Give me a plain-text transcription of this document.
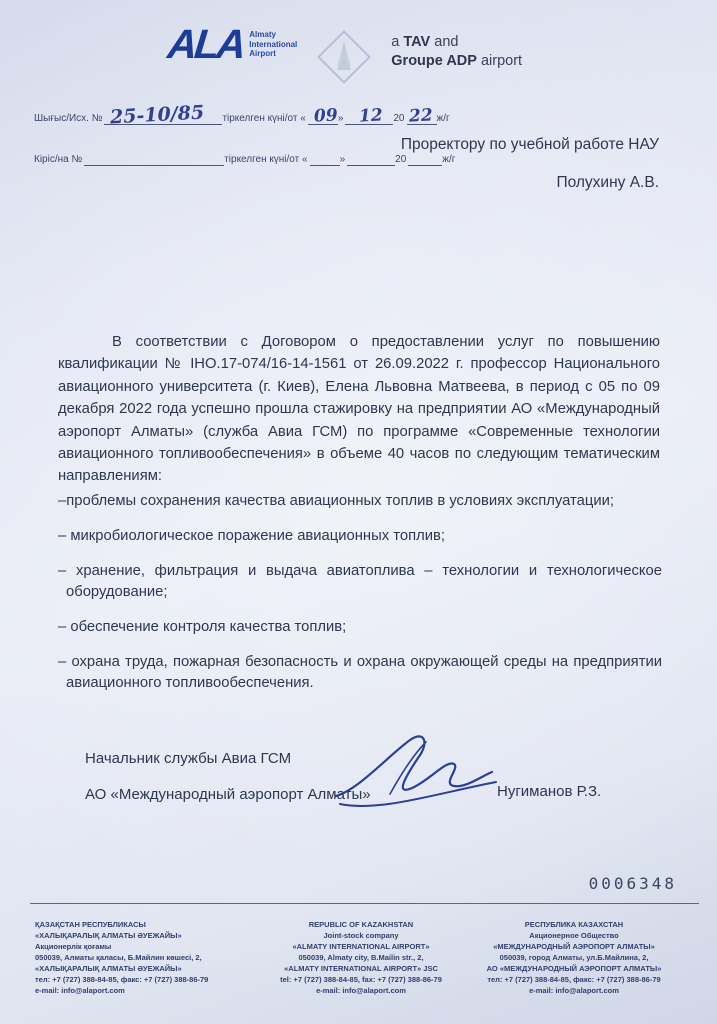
ALA Almaty
International
Airport
a TAV and
Groupe ADP airport
Шығыс/Исх. № 25-10/85 тіркелген күні/от « 09 » 12 20 22 ж/г
Кіріс/на №	тіркелген күні/от «	»	20	ж/г
Проректору по учебной работе НАУ
Полухину А.В.
В соответствии с Договором о предоставлении услуг по повышению квалификации № ІНО.17-074/16-14-1561 от 26.09.2022 г. профессор Национального авиационного университета (г. Киев), Елена Львовна Матвеева, в период с 05 по 09 декабря 2022 года успешно прошла стажировку на предприятии АО «Международный аэропорт Алматы» (служба Авиа ГСМ) по программе «Современные технологии авиационного топливообеспечения» в объеме 40 часов по следующим тематическим направлениям:
–проблемы сохранения качества авиационных топлив в условиях эксплуатации;
– микробиологическое поражение авиационных топлив;
– хранение, фильтрация и выдача авиатоплива – технологии и технологическое оборудование;
– обеспечение контроля качества топлив;
– охрана труда, пожарная безопасность и охрана окружающей среды на предприятии авиационного топливообеспечения.
Начальник службы Авиа ГСМ
АО «Международный аэропорт Алматы»	Нугиманов Р.З.
0006348
ҚАЗАҚСТАН РЕСПУБЛИКАСЫ
«ХАЛЫҚАРАЛЫҚ АЛМАТЫ ӘУЕЖАЙЫ»
Акционерлік қоғамы
050039, Алматы қаласы, Б.Майлин көшесі, 2,
«ХАЛЫҚАРАЛЫҚ АЛМАТЫ ӘУЕЖАЙЫ»
тел: +7 (727) 388-84-85, факс: +7 (727) 388-86-79
e-mail: info@alaport.com
REPUBLIC OF KAZAKHSTAN
Joint-stock company
«ALMATY INTERNATIONAL AIRPORT»
050039, Almaty city, B.Mailin str., 2,
«ALMATY INTERNATIONAL AIRPORT» JSC
tel: +7 (727) 388-84-85, fax: +7 (727) 388-86-79
e-mail: info@alaport.com
РЕСПУБЛИКА КАЗАХСТАН
Акционерное Общество
«МЕЖДУНАРОДНЫЙ АЭРОПОРТ АЛМАТЫ»
050039, город Алматы, ул.Б.Майлина, 2,
АО «МЕЖДУНАРОДНЫЙ АЭРОПОРТ АЛМАТЫ»
тел: +7 (727) 388-84-85, факс: +7 (727) 388-86-79
e-mail: info@alaport.com
